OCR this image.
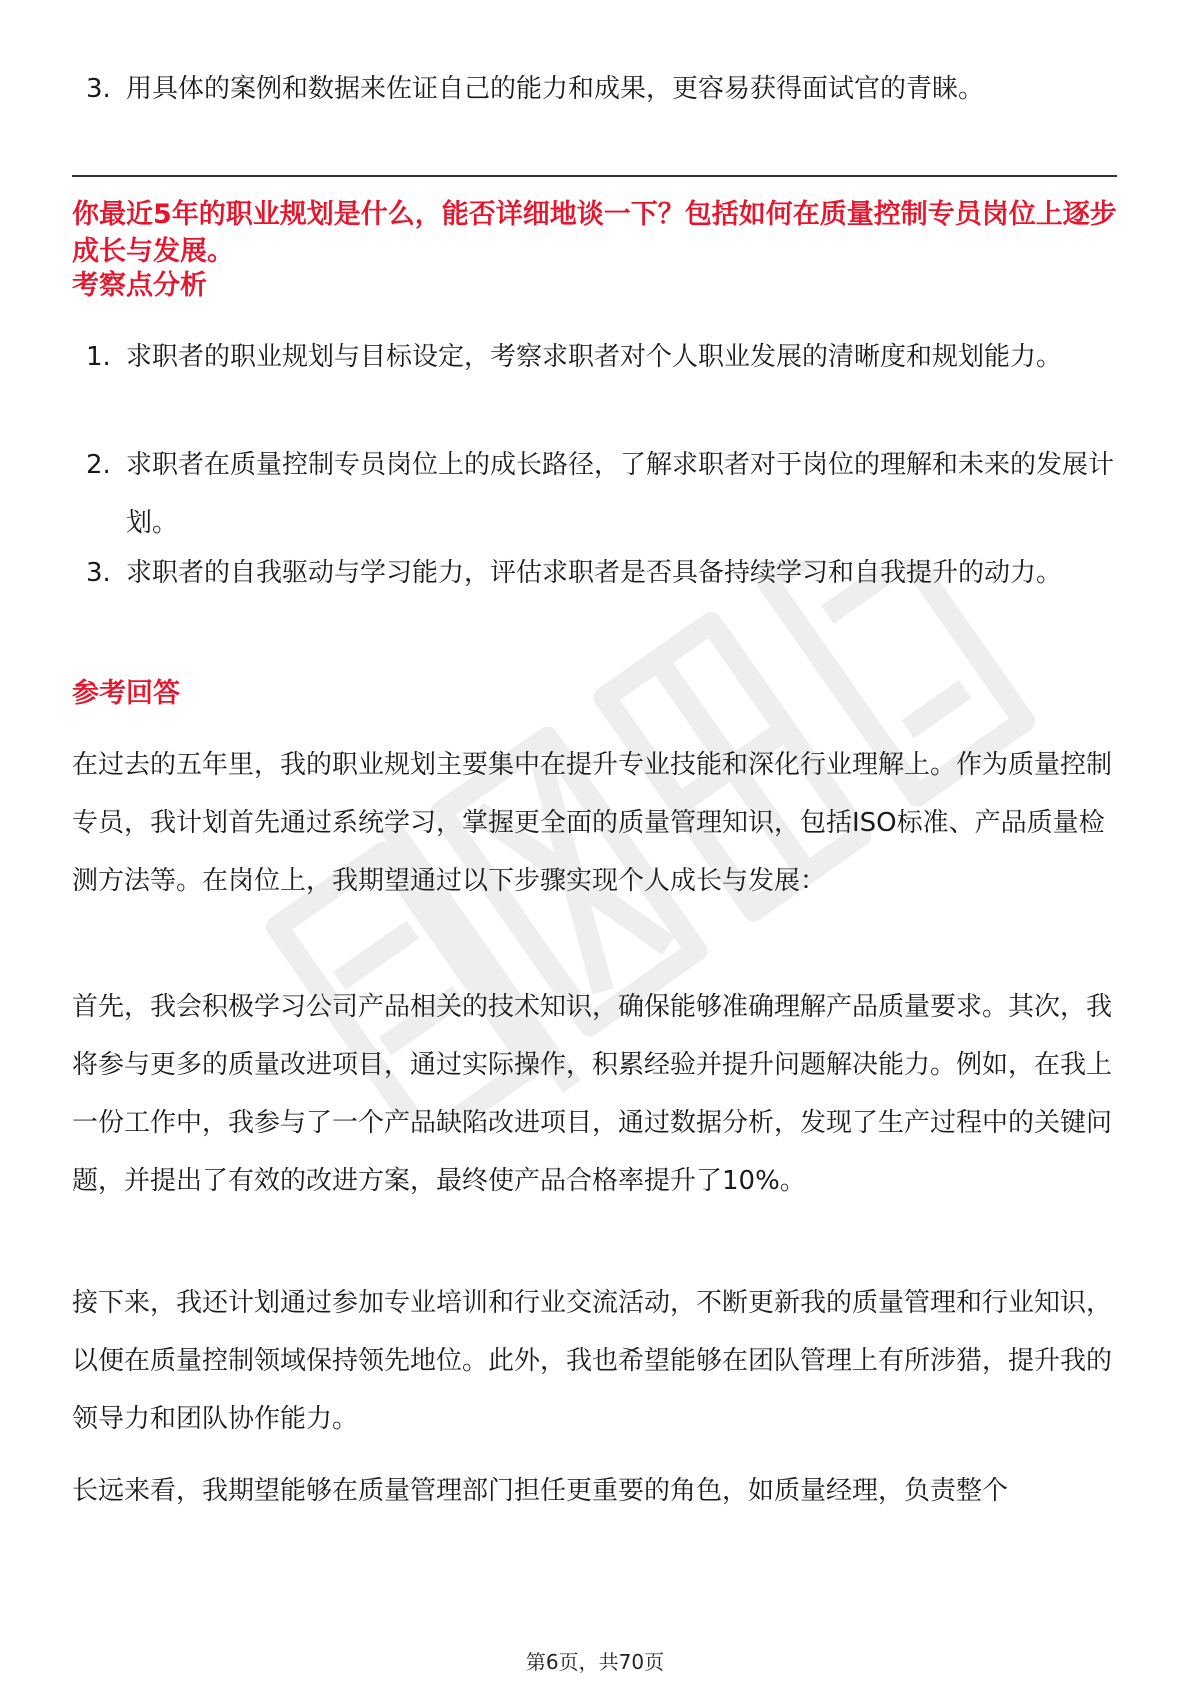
3. 用具体的案例和数据来佐证自己的能力和成果，更容易获得面试官的青睐。
你最近5年的职业规划是什么，能否详细地谈一下？包括如何在质量控制专员岗位上逐步成长与发展。
考察点分析
1. 求职者的职业规划与目标设定，考察求职者对个人职业发展的清晰度和规划能力。
2. 求职者在质量控制专员岗位上的成长路径，了解求职者对于岗位的理解和未来的发展计划。
3. 求职者的自我驱动与学习能力，评估求职者是否具备持续学习和自我提升的动力。
参考回答
在过去的五年里，我的职业规划主要集中在提升专业技能和深化行业理解上。作为质量控制专员，我计划首先通过系统学习，掌握更全面的质量管理知识，包括ISO标准、产品质量检测方法等。在岗位上，我期望通过以下步骤实现个人成长与发展：
首先，我会积极学习公司产品相关的技术知识，确保能够准确理解产品质量要求。其次，我将参与更多的质量改进项目，通过实际操作，积累经验并提升问题解决能力。例如，在我上一份工作中，我参与了一个产品缺陷改进项目，通过数据分析，发现了生产过程中的关键问题，并提出了有效的改进方案，最终使产品合格率提升了10%。
接下来，我还计划通过参加专业培训和行业交流活动，不断更新我的质量管理和行业知识，以便在质量控制领域保持领先地位。此外，我也希望能够在团队管理上有所涉猎，提升我的领导力和团队协作能力。
长远来看，我期望能够在质量管理部门担任更重要的角色，如质量经理，负责整个
第6页，共70页
